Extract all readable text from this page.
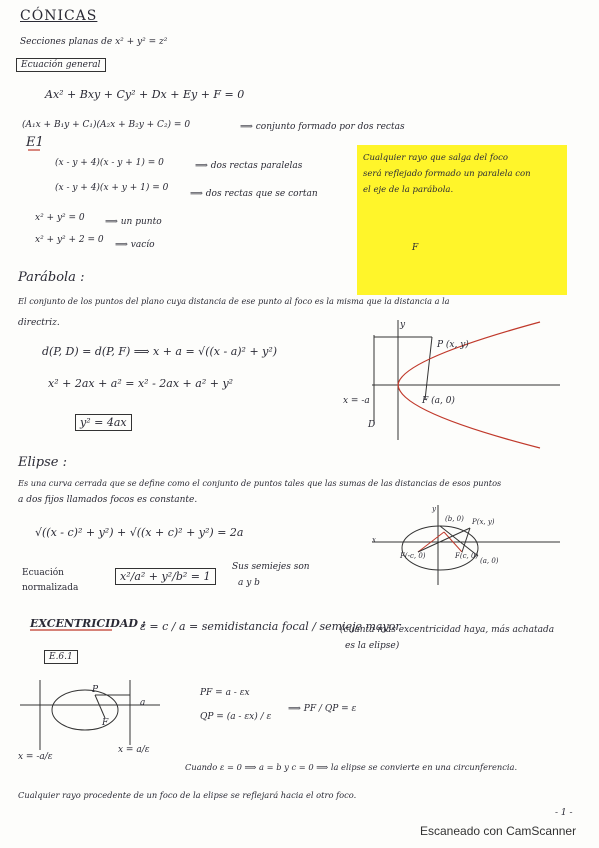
CÓNICAS
Secciones planas de x² + y² = z²
Ecuación general
Ax² + Bxy + Cy² + Dx + Ey + F = 0
(A₁x + B₁y + C₁)(A₂x + B₂y + C₂) = 0	⟹ conjunto formado por dos rectas
E1
(x - y + 4)(x - y + 1) = 0	⟹ dos rectas paralelas
(x - y + 4)(x + y + 1) = 0
⟹ dos rectas que se cortan
x² + y² = 0 ⟹ un punto
x² + y² + 2 = 0 ⟹ vacío
Cualquier rayo que salga del foco
será reflejado formado un paralela con
el eje de la parábola.
F
Parábola :
El conjunto de los puntos del plano cuya distancia de ese punto al foco es la misma que la distancia a la
directriz.
d(P, D) = d(P, F) ⟹ x + a = √((x - a)² + y²)
x² + 2ax + a² = x² - 2ax + a² + y²
y² = 4ax
y
P (x, y)
F (a, 0)
x = -a
D
Elipse :
Es una curva cerrada que se define como el conjunto de puntos tales que las sumas de las distancias de esos puntos
a dos fijos llamados focos es constante.
√((x - c)² + y²) + √((x + c)² + y²) = 2a
Ecuación
normalizada
x²/a² + y²/b² = 1
Sus semiejes son
a y b
y
(b, 0) P(x, y)
F(-c, 0)	F(c, 0)
(a, 0)
x
EXCENTRICIDAD :
ε = c / a = semidistancia focal / semieje mayor
(cuanta más excentricidad haya, más achatada
es la elipse)
E.6.1
P
a
F
x = -a/ε
x = a/ε
PF = a - εx
QP = (a - εx) / ε
⟹ PF / QP = ε
Cuando ε = 0 ⟹ a = b y c = 0 ⟹ la elipse se convierte en una circunferencia.
Cualquier rayo procedente de un foco de la elipse se reflejará hacia el otro foco.
- 1 -
Escaneado con CamScanner
